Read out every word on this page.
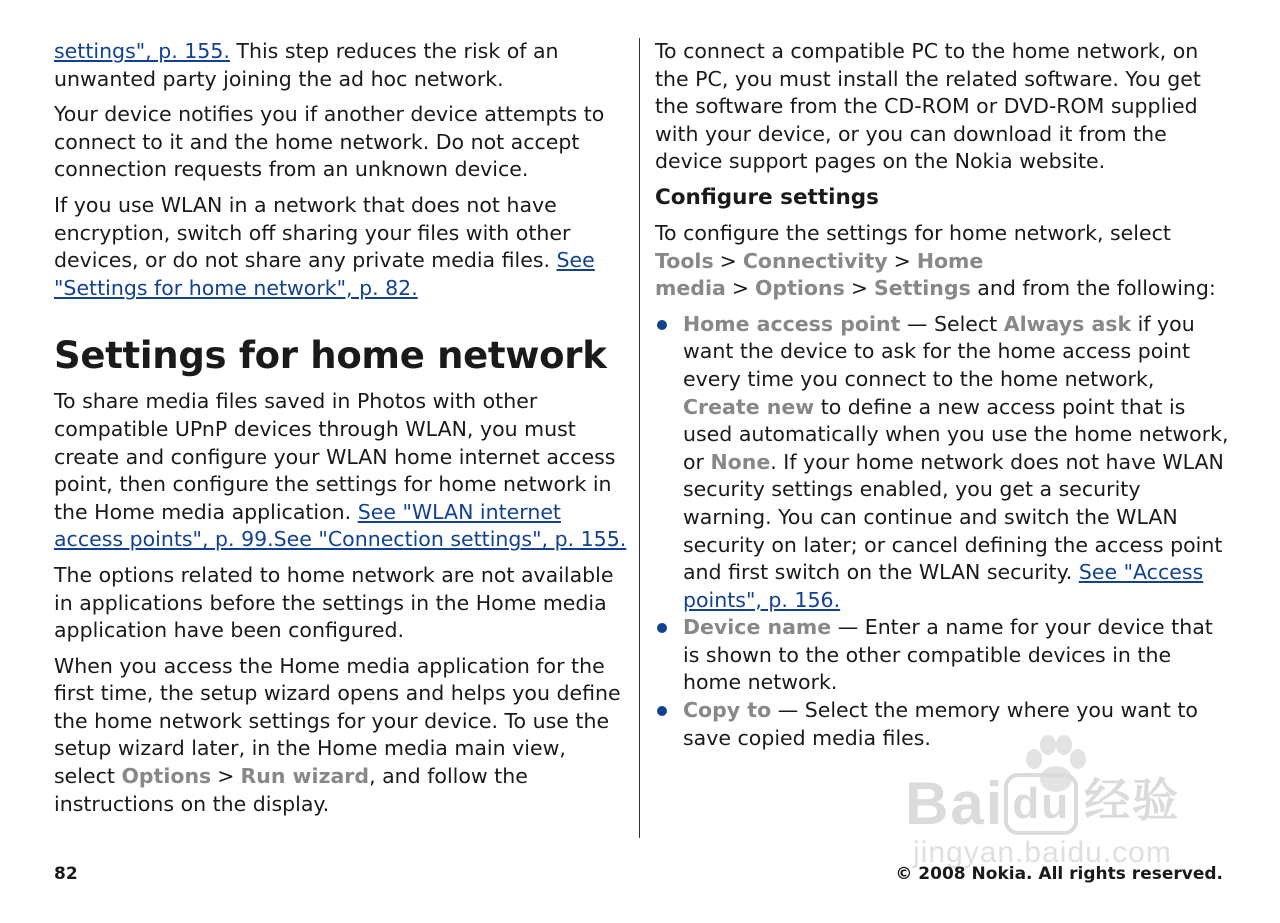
settings", p. 155. This step reduces the risk of an unwanted party joining the ad hoc network.

Your device notifies you if another device attempts to connect to it and the home network. Do not accept connection requests from an unknown device.

If you use WLAN in a network that does not have encryption, switch off sharing your files with other devices, or do not share any private media files. See "Settings for home network", p. 82.

Settings for home network

To share media files saved in Photos with other compatible UPnP devices through WLAN, you must create and configure your WLAN home internet access point, then configure the settings for home network in the Home media application. See "WLAN internet access points", p. 99.See "Connection settings", p. 155.

The options related to home network are not available in applications before the settings in the Home media application have been configured.

When you access the Home media application for the first time, the setup wizard opens and helps you define the home network settings for your device. To use the setup wizard later, in the Home media main view, select Options > Run wizard, and follow the instructions on the display.

To connect a compatible PC to the home network, on the PC, you must install the related software. You get the software from the CD-ROM or DVD-ROM supplied with your device, or you can download it from the device support pages on the Nokia website.

Configure settings

To configure the settings for home network, select Tools > Connectivity > Home media > Options > Settings and from the following:

Home access point — Select Always ask if you want the device to ask for the home access point every time you connect to the home network, Create new to define a new access point that is used automatically when you use the home network, or None. If your home network does not have WLAN security settings enabled, you get a security warning. You can continue and switch the WLAN security on later; or cancel defining the access point and first switch on the WLAN security. See "Access points", p. 156.
Device name — Enter a name for your device that is shown to the other compatible devices in the home network.
Copy to — Select the memory where you want to save copied media files.
Bai du 经验
jingyan.baidu.com
82	© 2008 Nokia. All rights reserved.
